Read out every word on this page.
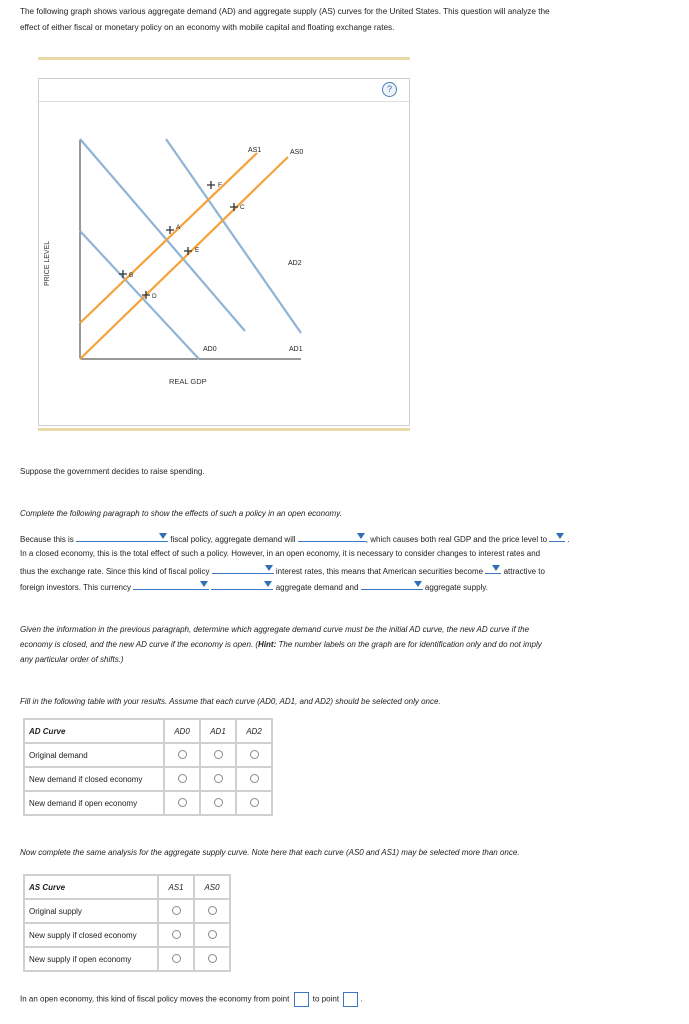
The following graph shows various aggregate demand (AD) and aggregate supply (AS) curves for the United States. This question will analyze the
effect of either fiscal or monetary policy on an economy with mobile capital and floating exchange rates.
?
PRICE LEVEL
REAL GDP
AS1	AS0
AD2
AD0	AD1
A
B
C
D
E
F
Suppose the government decides to raise spending.
Complete the following paragraph to show the effects of such a policy in an open economy.
Because this is	fiscal policy, aggregate demand will	, which causes both real GDP and the price level to	.
In a closed economy, this is the total effect of such a policy. However, in an open economy, it is necessary to consider changes to interest rates and
thus the exchange rate. Since this kind of fiscal policy	interest rates, this means that American securities become	attractive to
foreign investors. This currency
	aggregate demand and	aggregate supply.
Given the information in the previous paragraph, determine which aggregate demand curve must be the initial AD curve, the new AD curve if the
economy is closed, and the new AD curve if the economy is open. (Hint: The number labels on the graph are for identification only and do not imply
any particular order of shifts.)
Fill in the following table with your results. Assume that each curve (AD0, AD1, and AD2) should be selected only once.
AD Curve	AD0	AD1	AD2
Original demand			
New demand if closed economy			
New demand if open economy			
Now complete the same analysis for the aggregate supply curve. Note here that each curve (AS0 and AS1) may be selected more than once.
AS Curve	AS1	AS0
Original supply		
New supply if closed economy		
New supply if open economy		
In an open economy, this kind of fiscal policy moves the economy from point	to point	.
